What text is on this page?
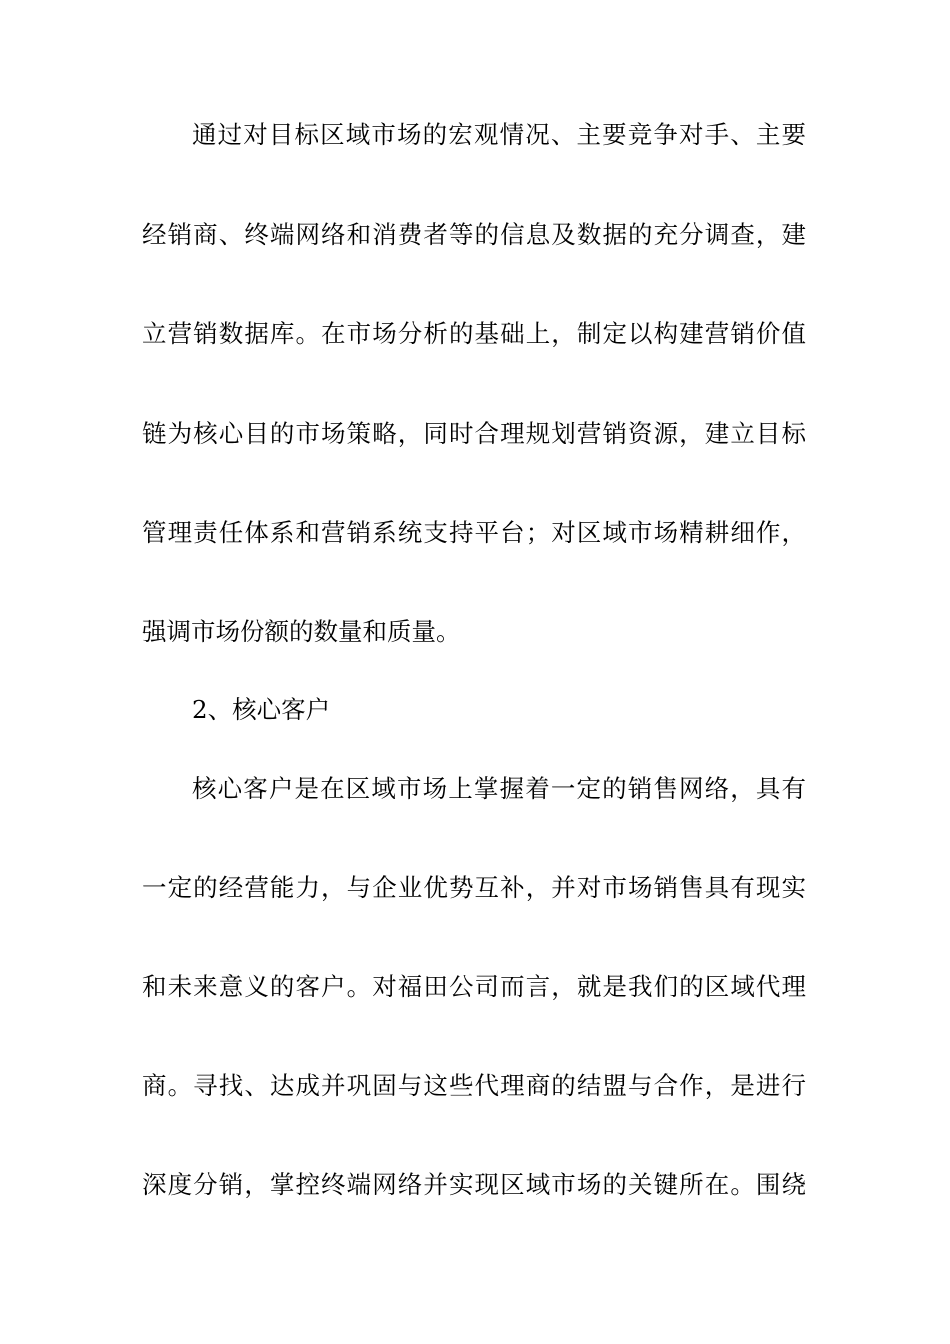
通过对目标区域市场的宏观情况、主要竞争对手、主要
经销商、终端网络和消费者等的信息及数据的充分调查，建
立营销数据库。在市场分析的基础上，制定以构建营销价值
链为核心目的市场策略，同时合理规划营销资源，建立目标
管理责任体系和营销系统支持平台；对区域市场精耕细作，
强调市场份额的数量和质量。
2、核心客户
核心客户是在区域市场上掌握着一定的销售网络，具有
一定的经营能力，与企业优势互补，并对市场销售具有现实
和未来意义的客户。对福田公司而言，就是我们的区域代理
商。寻找、达成并巩固与这些代理商的结盟与合作，是进行
深度分销，掌控终端网络并实现区域市场的关键所在。围绕
